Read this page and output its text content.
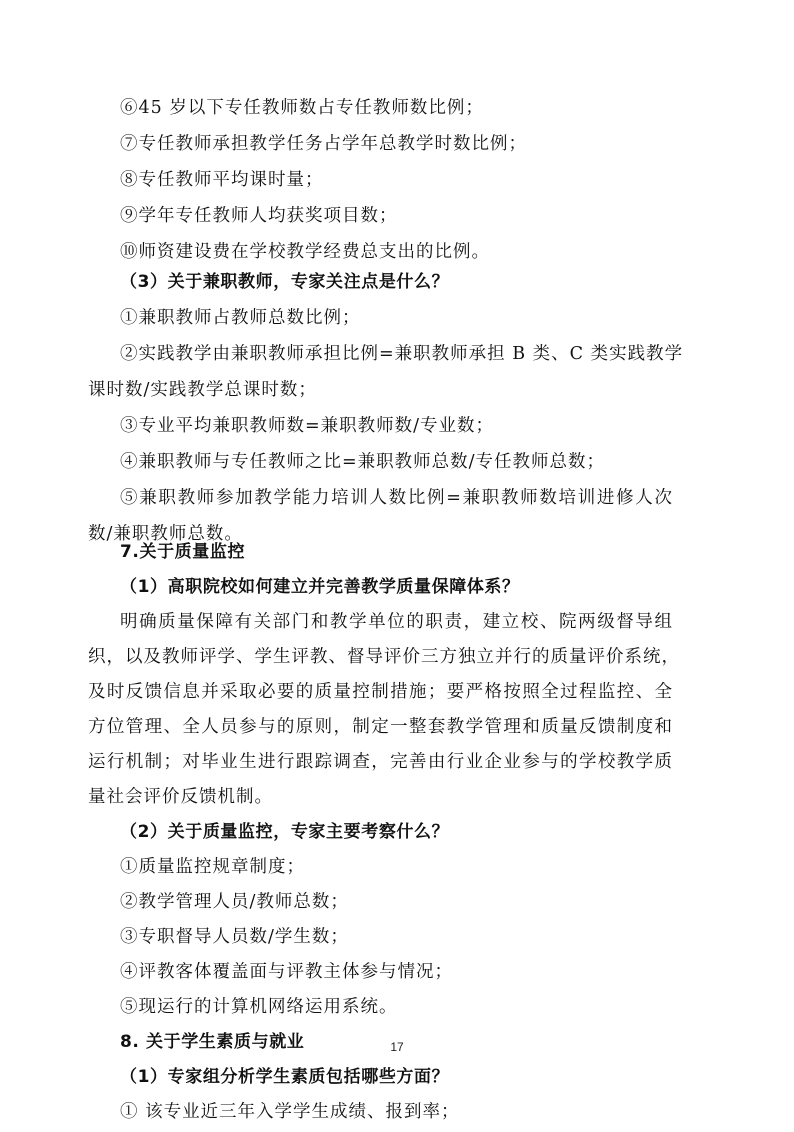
⑥45 岁以下专任教师数占专任教师数比例；
⑦专任教师承担教学任务占学年总教学时数比例；
⑧专任教师平均课时量；
⑨学年专任教师人均获奖项目数；
⑩师资建设费在学校教学经费总支出的比例。
（3）关于兼职教师，专家关注点是什么？
①兼职教师占教师总数比例；
②实践教学由兼职教师承担比例=兼职教师承担 B 类、C 类实践教学
课时数/实践教学总课时数；
③专业平均兼职教师数=兼职教师数/专业数；
④兼职教师与专任教师之比=兼职教师总数/专任教师总数；
⑤兼职教师参加教学能力培训人数比例=兼职教师数培训进修人次
数/兼职教师总数。
7.关于质量监控
（1）高职院校如何建立并完善教学质量保障体系？
明确质量保障有关部门和教学单位的职责，建立校、院两级督导组
织，以及教师评学、学生评教、督导评价三方独立并行的质量评价系统，
及时反馈信息并采取必要的质量控制措施；要严格按照全过程监控、全
方位管理、全人员参与的原则，制定一整套教学管理和质量反馈制度和
运行机制；对毕业生进行跟踪调查，完善由行业企业参与的学校教学质
量社会评价反馈机制。
（2）关于质量监控，专家主要考察什么？
①质量监控规章制度；
②教学管理人员/教师总数；
③专职督导人员数/学生数；
④评教客体覆盖面与评教主体参与情况；
⑤现运行的计算机网络运用系统。
8. 关于学生素质与就业
（1）专家组分析学生素质包括哪些方面？
① 该专业近三年入学学生成绩、报到率；
17
